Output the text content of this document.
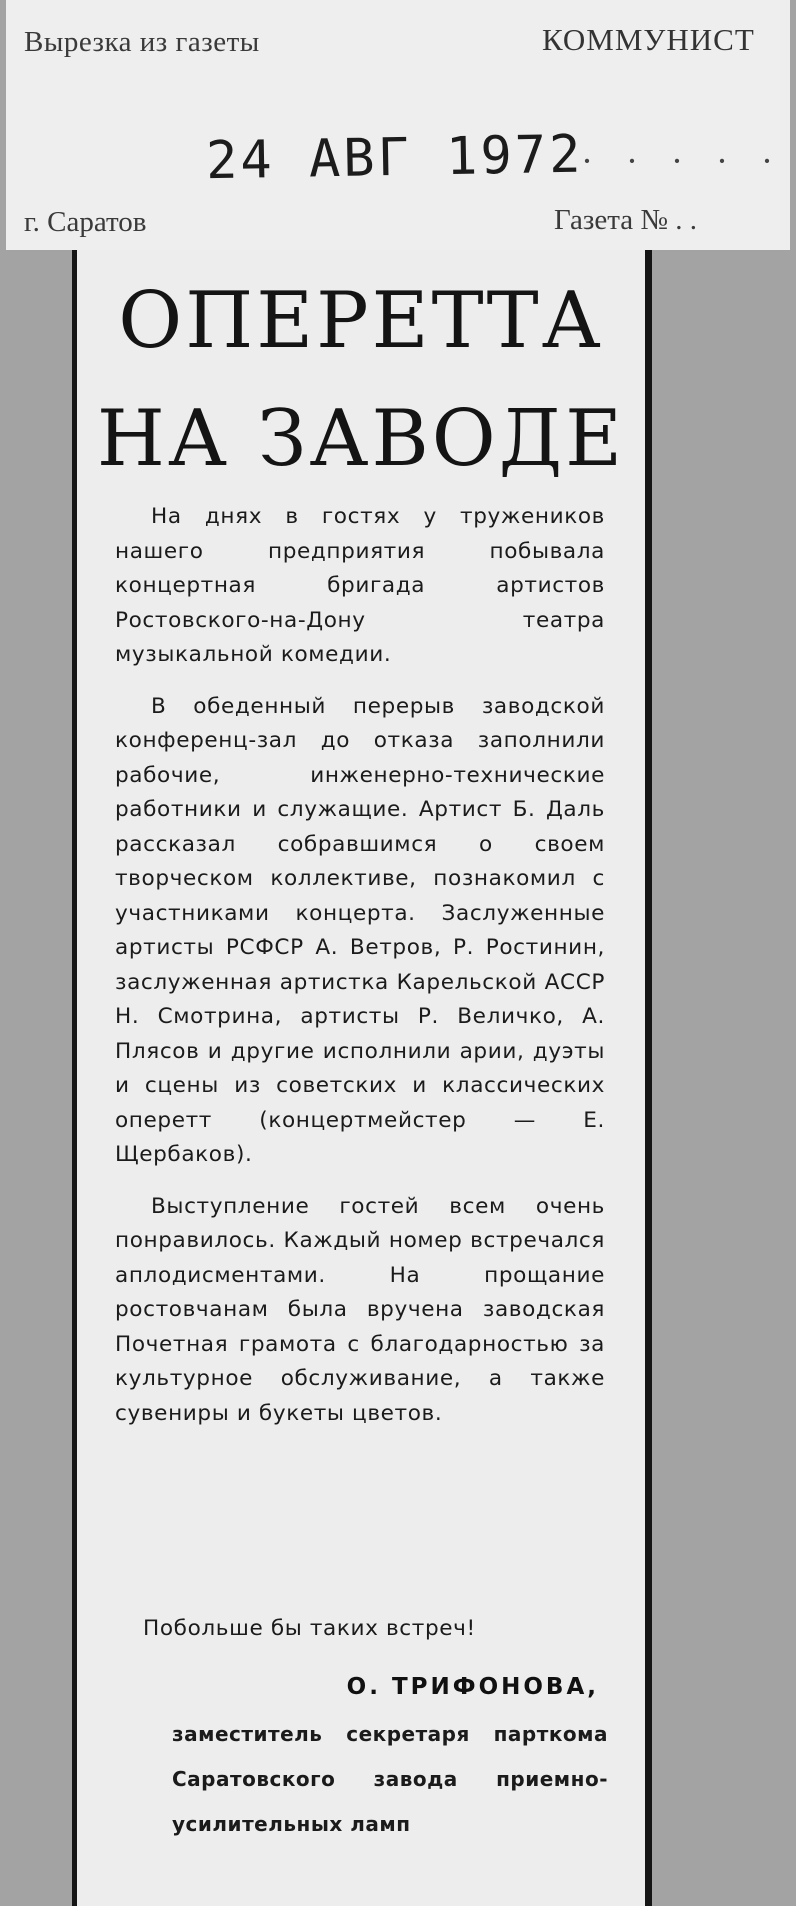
Вырезка из газеты	КОММУНИСТ
24 АВГ 1972
· · · · ·
г. Саратов	Газета № . .
ОПЕРЕТТА
НА ЗАВОДЕ

На днях в гостях у тружеников нашего предприятия побывала концертная бригада артистов Ростовского-на-Дону театра музыкальной комедии.

В обеденный перерыв заводской конференц-зал до отказа заполнили рабочие, инженерно-технические работники и служащие. Артист Б. Даль рассказал собравшимся о своем творческом коллективе, познакомил с участниками концерта. Заслуженные артисты РСФСР А. Ветров, Р. Ростинин, заслуженная артистка Карельской АССР Н. Смотрина, артисты Р. Величко, А. Плясов и другие исполнили арии, дуэты и сцены из советских и классических оперетт (концертмейстер — Е. Щербаков).

Выступление гостей всем очень понравилось. Каждый номер встречался аплодисментами. На прощание ростовчанам была вручена заводская Почетная грамота с благодарностью за культурное обслуживание, а также сувениры и букеты цветов.

Побольше бы таких встреч!
О. ТРИФОНОВА,
заместитель секретаря парткома Саратовского завода приемно-усилительных ламп
